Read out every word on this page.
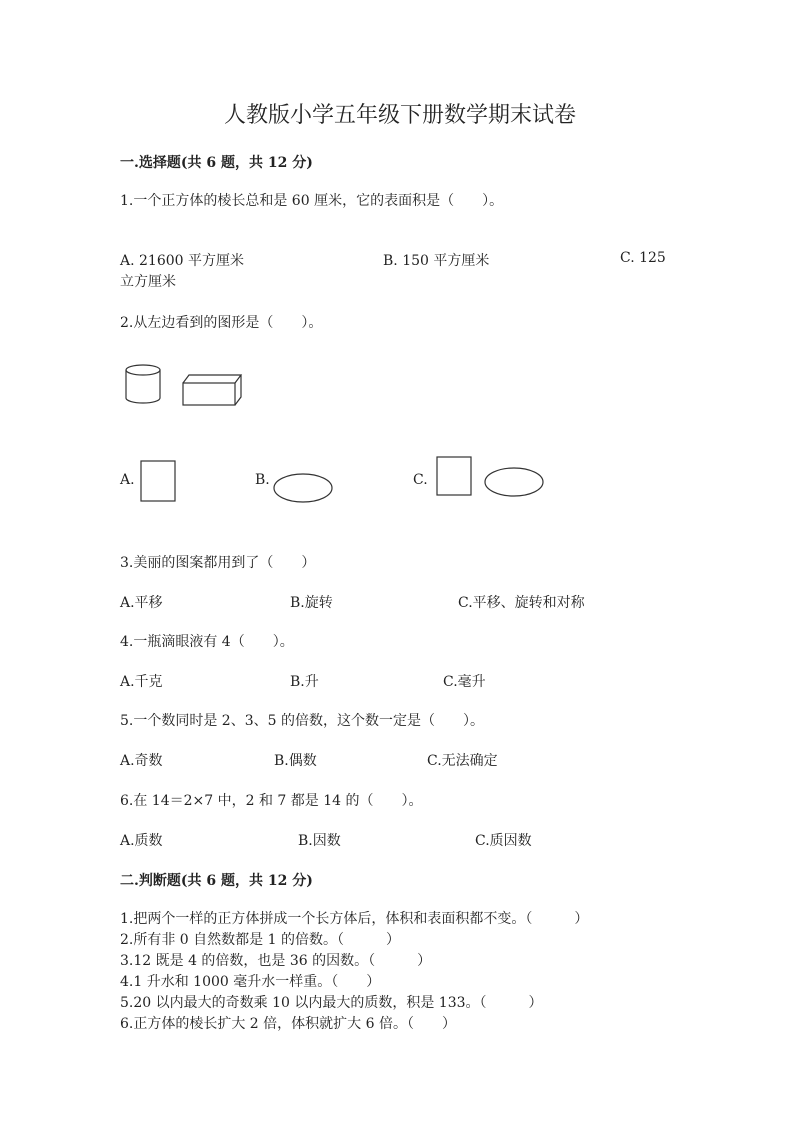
人教版小学五年级下册数学期末试卷
一.选择题(共 6 题，共 12 分)
1.一个正方体的棱长总和是 60 厘米，它的表面积是（　　）。
A. 21600 平方厘米	B. 150 平方厘米	C. 125
立方厘米
2.从左边看到的图形是（　　）。
A.	B.	C.
3.美丽的图案都用到了（　　）
A.平移	B.旋转	C.平移、旋转和对称
4.一瓶滴眼液有 4（　　）。
A.千克	B.升	C.毫升
5.一个数同时是 2、3、5 的倍数，这个数一定是（　　）。
A.奇数	B.偶数	C.无法确定
6.在 14＝2×7 中，2 和 7 都是 14 的（　　）。
A.质数	B.因数	C.质因数
二.判断题(共 6 题，共 12 分)
1.把两个一样的正方体拼成一个长方体后，体积和表面积都不变。（　　　）
2.所有非 0 自然数都是 1 的倍数。（　　　）
3.12 既是 4 的倍数，也是 36 的因数。（　　　）
4.1 升水和 1000 毫升水一样重。（　　）
5.20 以内最大的奇数乘 10 以内最大的质数，积是 133。（　　　）
6.正方体的棱长扩大 2 倍，体积就扩大 6 倍。（　　）
